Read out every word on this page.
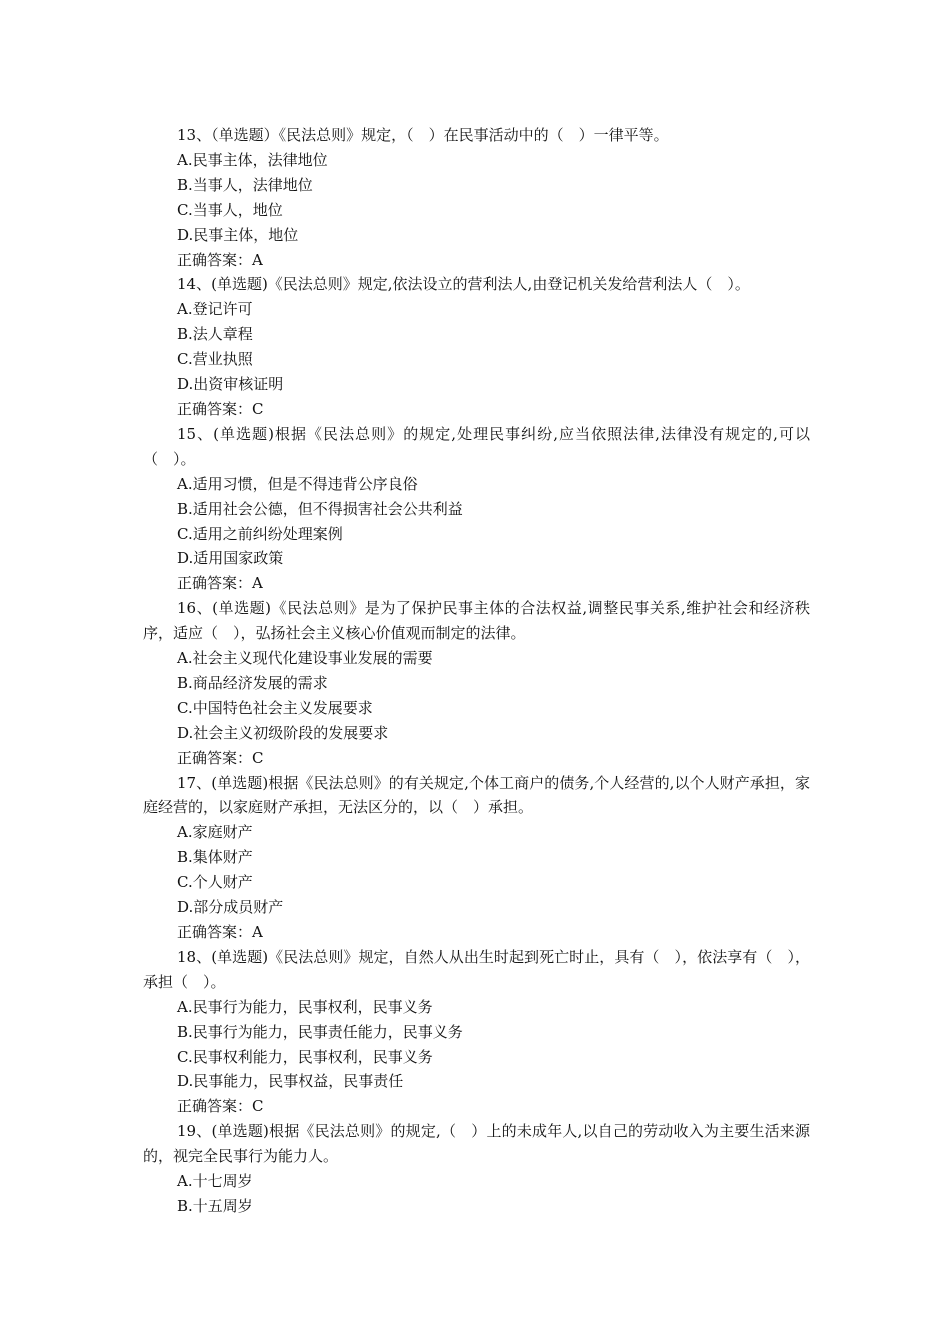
13、（单选题）《民法总则》规定，（　）在民事活动中的（　）一律平等。

A.民事主体，法律地位

B.当事人，法律地位

C.当事人，地位

D.民事主体，地位

正确答案：A

14、(单选题)《民法总则》规定,依法设立的营利法人,由登记机关发给营利法人（　）。

A.登记许可

B.法人章程

C.营业执照

D.出资审核证明

正确答案：C

15、(单选题)根据《民法总则》的规定,处理民事纠纷,应当依照法律,法律没有规定的,可以（　）。

A.适用习惯，但是不得违背公序良俗

B.适用社会公德，但不得损害社会公共利益

C.适用之前纠纷处理案例

D.适用国家政策

正确答案：A

16、(单选题)《民法总则》是为了保护民事主体的合法权益,调整民事关系,维护社会和经济秩序，适应（　），弘扬社会主义核心价值观而制定的法律。

A.社会主义现代化建设事业发展的需要

B.商品经济发展的需求

C.中国特色社会主义发展要求

D.社会主义初级阶段的发展要求

正确答案：C

17、(单选题)根据《民法总则》的有关规定,个体工商户的债务,个人经营的,以个人财产承担，家庭经营的，以家庭财产承担，无法区分的，以（　）承担。

A.家庭财产

B.集体财产

C.个人财产

D.部分成员财产

正确答案：A

18、(单选题)《民法总则》规定，自然人从出生时起到死亡时止，具有（　），依法享有（　），承担（　）。

A.民事行为能力，民事权利，民事义务

B.民事行为能力，民事责任能力，民事义务

C.民事权利能力，民事权利，民事义务

D.民事能力，民事权益，民事责任

正确答案：C

19、(单选题)根据《民法总则》的规定,（　）上的未成年人,以自己的劳动收入为主要生活来源的，视完全民事行为能力人。

A.十七周岁

B.十五周岁
